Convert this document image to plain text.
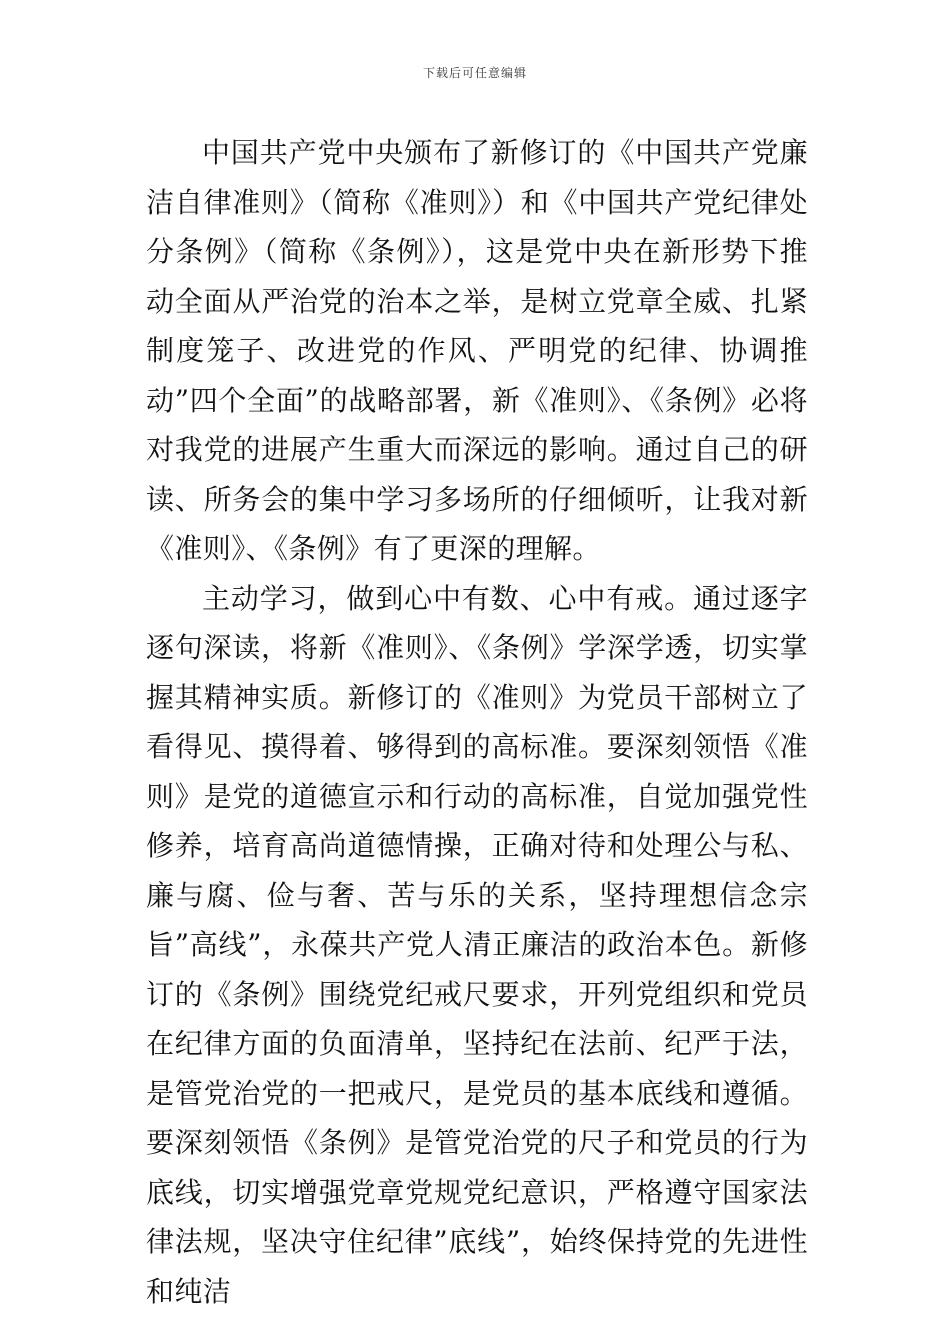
下载后可任意编辑

中国共产党中央颁布了新修订的《中国共产党廉洁自律准则》（简称《准则》）和《中国共产党纪律处分条例》（简称《条例》），这是党中央在新形势下推动全面从严治党的治本之举，是树立党章全威、扎紧制度笼子、改进党的作风、严明党的纪律、协调推动”四个全面”的战略部署，新《准则》、《条例》必将对我党的进展产生重大而深远的影响。通过自己的研读、所务会的集中学习多场所的仔细倾听，让我对新《准则》、《条例》有了更深的理解。

主动学习，做到心中有数、心中有戒。通过逐字逐句深读，将新《准则》、《条例》学深学透，切实掌握其精神实质。新修订的《准则》为党员干部树立了看得见、摸得着、够得到的高标准。要深刻领悟《准则》是党的道德宣示和行动的高标准，自觉加强党性修养，培育高尚道德情操，正确对待和处理公与私、廉与腐、俭与奢、苦与乐的关系，坚持理想信念宗旨”高线”，永葆共产党人清正廉洁的政治本色。新修订的《条例》围绕党纪戒尺要求，开列党组织和党员在纪律方面的负面清单，坚持纪在法前、纪严于法，是管党治党的一把戒尺，是党员的基本底线和遵循。要深刻领悟《条例》是管党治党的尺子和党员的行为底线，切实增强党章党规党纪意识，严格遵守国家法律法规，坚决守住纪律”底线”，始终保持党的先进性和纯洁
